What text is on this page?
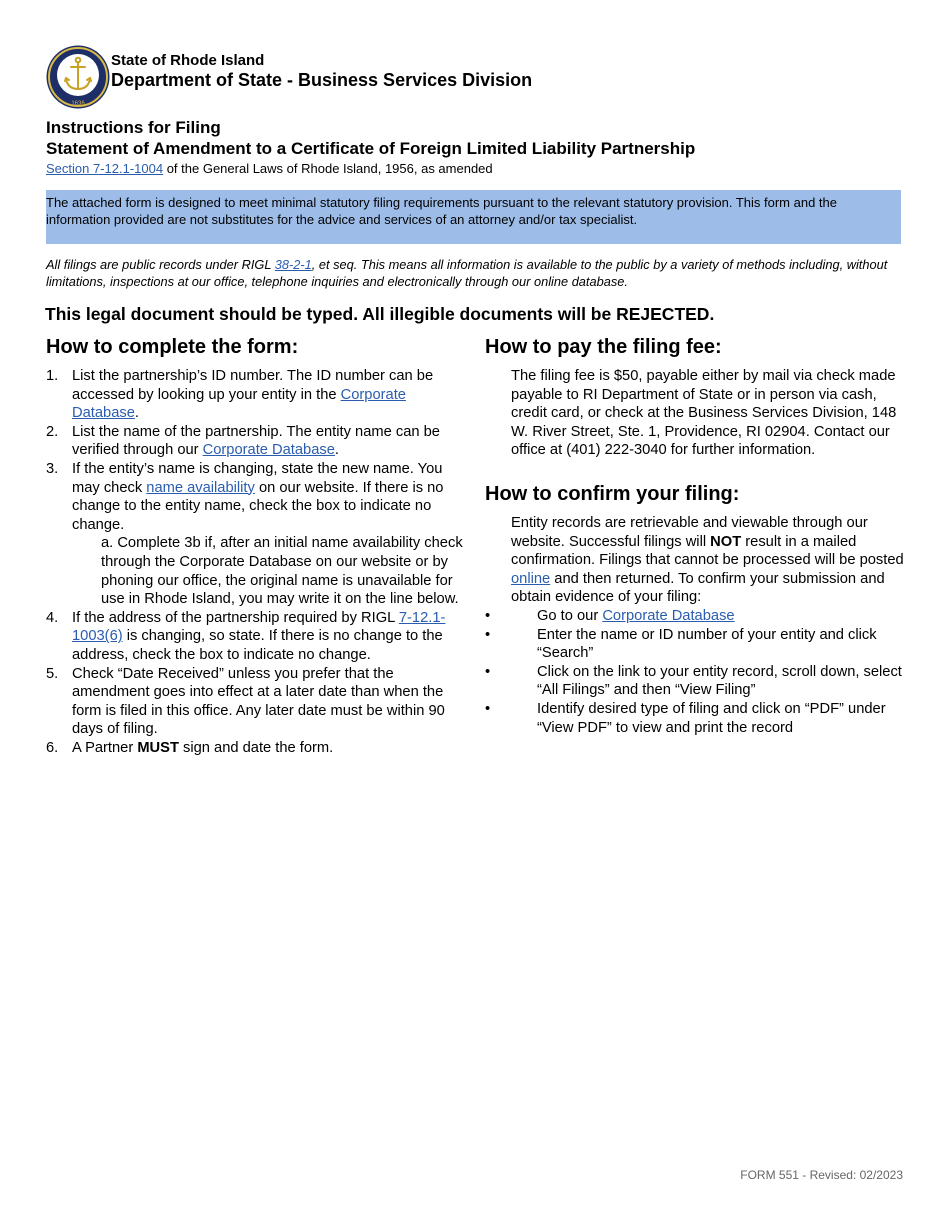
1636
State of Rhode Island
Department of State - Business Services Division
Instructions for Filing
Statement of Amendment to a Certificate of Foreign Limited Liability Partnership
Section 7-12.1-1004 of the General Laws of Rhode Island, 1956, as amended
The attached form is designed to meet minimal statutory filing requirements pursuant to the relevant statutory provision. This form and the
information provided are not substitutes for the advice and services of an attorney and/or tax specialist.
All filings are public records under RIGL 38-2-1, et seq. This means all information is available to the public by a variety of methods including, without limitations, inspections at our office, telephone inquiries and electronically through our online database.
This legal document should be typed. All illegible documents will be REJECTED.
How to complete the form:
1. List the partnership’s ID number. The ID number can be accessed by looking up your entity in the Corporate Database.
2. List the name of the partnership. The entity name can be verified through our Corporate Database.
3. If the entity’s name is changing, state the new name. You may check name availability on our website. If there is no change to the entity name, check the box to indicate no change.
a. Complete 3b if, after an initial name availability check through the Corporate Database on our website or by phoning our office, the original name is unavailable for use in Rhode Island, you may write it on the line below.
4. If the address of the partnership required by RIGL 7-12.1-1003(6) is changing, so state. If there is no change to the address, check the box to indicate no change.
5. Check “Date Received” unless you prefer that the amendment goes into effect at a later date than when the form is filed in this office. Any later date must be within 90 days of filing.
6. A Partner MUST sign and date the form.
How to pay the filing fee:
The filing fee is $50, payable either by mail via check made payable to RI Department of State or in person via cash, credit card, or check at the Business Services Division, 148 W. River Street, Ste. 1, Providence, RI 02904. Contact our office at (401) 222-3040 for further information.
How to confirm your filing:
Entity records are retrievable and viewable through our website. Successful filings will NOT result in a mailed confirmation. Filings that cannot be processed will be posted online and then returned. To confirm your submission and obtain evidence of your filing:
•	Go to our Corporate Database
•	Enter the name or ID number of your entity and click “Search”
•	Click on the link to your entity record, scroll down, select “All Filings” and then “View Filing”
•	Identify desired type of filing and click on “PDF” under “View PDF” to view and print the record
FORM 551 - Revised: 02/2023
